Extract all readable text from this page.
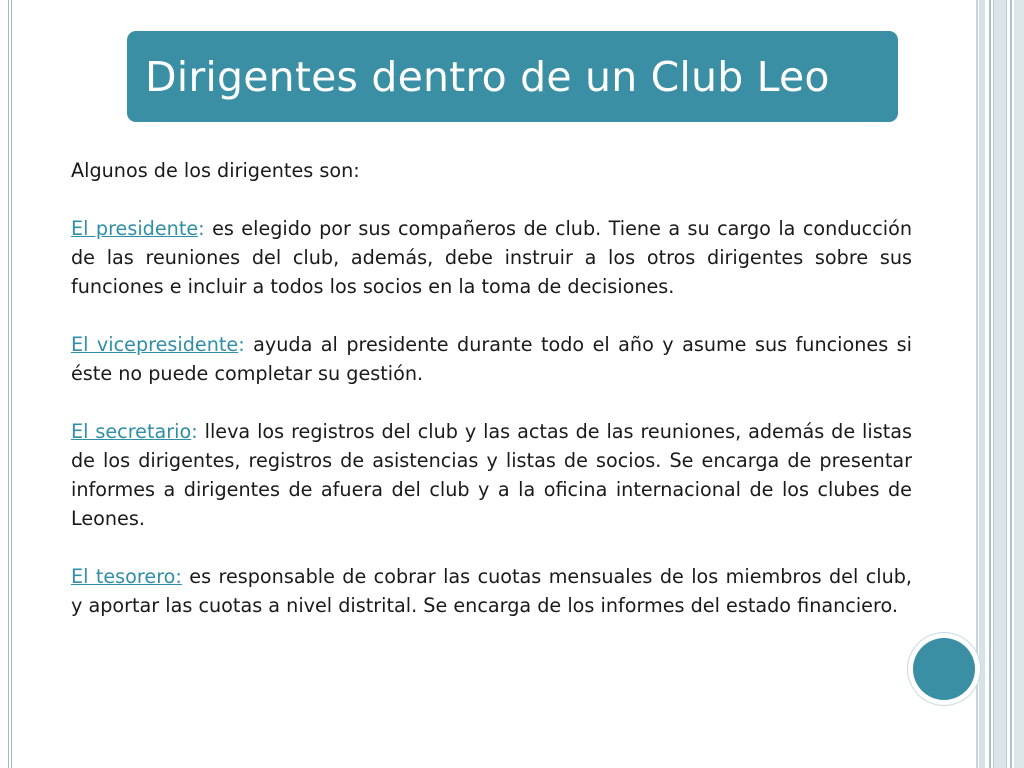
Dirigentes dentro de un Club Leo

Algunos de los dirigentes son:

El presidente: es elegido por sus compañeros de club. Tiene a su cargo la conducción de las reuniones del club, además, debe instruir a los otros dirigentes sobre sus funciones e incluir a todos los socios en la toma de decisiones.

El vicepresidente: ayuda al presidente durante todo el año y asume sus funciones si éste no puede completar su gestión.

El secretario: lleva los registros del club y las actas de las reuniones, además de listas de los dirigentes, registros de asistencias y listas de socios. Se encarga de presentar informes a dirigentes de afuera del club y a la oficina internacional de los clubes de Leones.

El tesorero: es responsable de cobrar las cuotas mensuales de los miembros del club, y aportar las cuotas a nivel distrital. Se encarga de los informes del estado financiero.
